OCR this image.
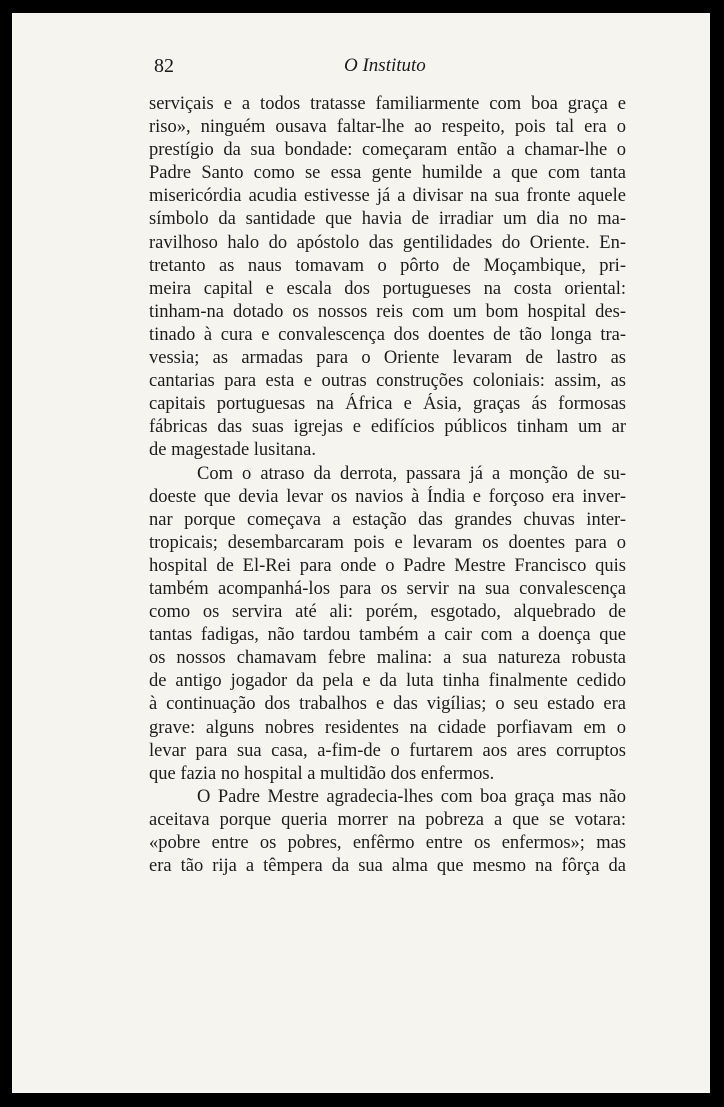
82	O Instituto
serviçais e a todos tratasse familiarmente com boa graça e
riso», ninguém ousava faltar-lhe ao respeito, pois tal era o
prestígio da sua bondade: começaram então a chamar-lhe o
Padre Santo como se essa gente humilde a que com tanta
misericórdia acudia estivesse já a divisar na sua fronte aquele
símbolo da santidade que havia de irradiar um dia no ma-
ravilhoso halo do apóstolo das gentilidades do Oriente. En-
tretanto as naus tomavam o pôrto de Moçambique, pri-
meira capital e escala dos portugueses na costa oriental:
tinham-na dotado os nossos reis com um bom hospital des-
tinado à cura e convalescença dos doentes de tão longa tra-
vessia; as armadas para o Oriente levaram de lastro as
cantarias para esta e outras construções coloniais: assim, as
capitais portuguesas na África e Ásia, graças ás formosas
fábricas das suas igrejas e edifícios públicos tinham um ar
de magestade lusitana.
Com o atraso da derrota, passara já a monção de su-
doeste que devia levar os navios à Índia e forçoso era inver-
nar porque começava a estação das grandes chuvas inter-
tropicais; desembarcaram pois e levaram os doentes para o
hospital de El-Rei para onde o Padre Mestre Francisco quis
também acompanhá-los para os servir na sua convalescença
como os servira até ali: porém, esgotado, alquebrado de
tantas fadigas, não tardou também a cair com a doença que
os nossos chamavam febre malina: a sua natureza robusta
de antigo jogador da pela e da luta tinha finalmente cedido
à continuação dos trabalhos e das vigílias; o seu estado era
grave: alguns nobres residentes na cidade porfiavam em o
levar para sua casa, a-fim-de o furtarem aos ares corruptos
que fazia no hospital a multidão dos enfermos.
O Padre Mestre agradecia-lhes com boa graça mas não
aceitava porque queria morrer na pobreza a que se votara:
«pobre entre os pobres, enfêrmo entre os enfermos»; mas
era tão rija a têmpera da sua alma que mesmo na fôrça da
